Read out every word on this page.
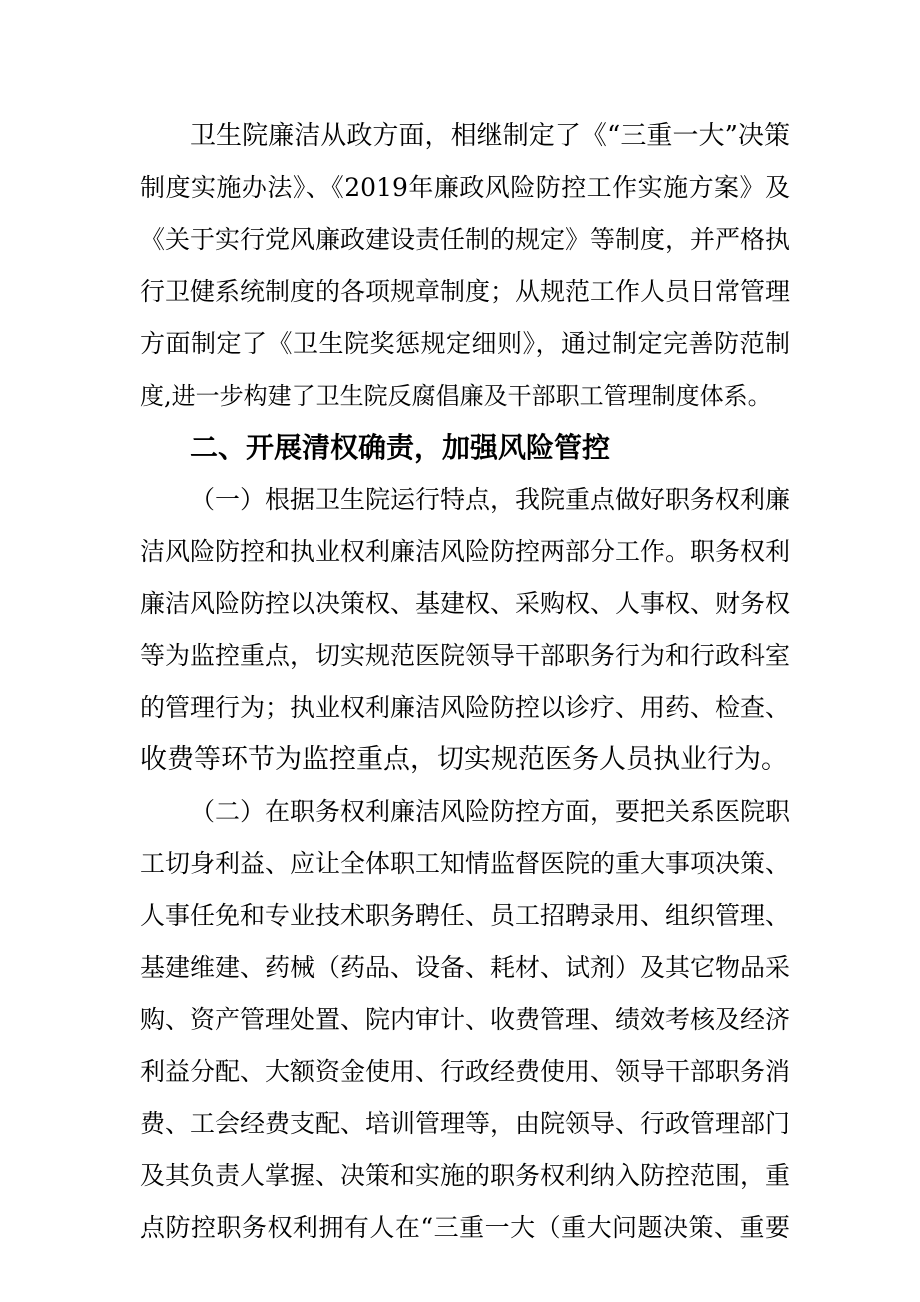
卫生院廉洁从政方面，相继制定了《“三重一大”决策
制度实施办法》、《2019年廉政风险防控工作实施方案》及
《关于实行党风廉政建设责任制的规定》等制度，并严格执
行卫健系统制度的各项规章制度；从规范工作人员日常管理
方面制定了《卫生院奖惩规定细则》，通过制定完善防范制
度,进一步构建了卫生院反腐倡廉及干部职工管理制度体系。
二、开展清权确责，加强风险管控
（一）根据卫生院运行特点，我院重点做好职务权利廉
洁风险防控和执业权利廉洁风险防控两部分工作。职务权利
廉洁风险防控以决策权、基建权、采购权、人事权、财务权
等为监控重点，切实规范医院领导干部职务行为和行政科室
的管理行为；执业权利廉洁风险防控以诊疗、用药、检查、
收费等环节为监控重点，切实规范医务人员执业行为。
（二）在职务权利廉洁风险防控方面，要把关系医院职
工切身利益、应让全体职工知情监督医院的重大事项决策、
人事任免和专业技术职务聘任、员工招聘录用、组织管理、
基建维建、药械（药品、设备、耗材、试剂）及其它物品采
购、资产管理处置、院内审计、收费管理、绩效考核及经济
利益分配、大额资金使用、行政经费使用、领导干部职务消
费、工会经费支配、培训管理等，由院领导、行政管理部门
及其负责人掌握、决策和实施的职务权利纳入防控范围，重
点防控职务权利拥有人在“三重一大（重大问题决策、重要
